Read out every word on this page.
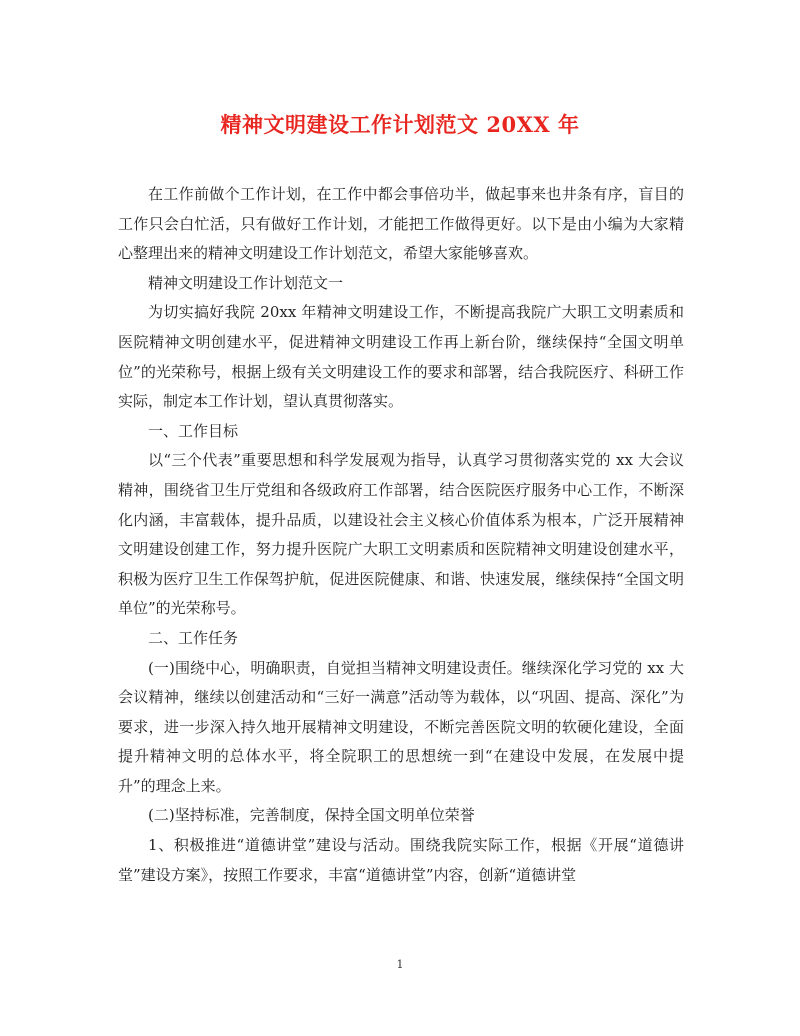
精神文明建设工作计划范文 20XX 年

在工作前做个工作计划，在工作中都会事倍功半，做起事来也井条有序，盲目的工作只会白忙活，只有做好工作计划，才能把工作做得更好。以下是由小编为大家精心整理出来的精神文明建设工作计划范文，希望大家能够喜欢。

精神文明建设工作计划范文一

为切实搞好我院 20xx 年精神文明建设工作，不断提高我院广大职工文明素质和医院精神文明创建水平，促进精神文明建设工作再上新台阶，继续保持“全国文明单位”的光荣称号，根据上级有关文明建设工作的要求和部署，结合我院医疗、科研工作实际，制定本工作计划，望认真贯彻落实。

一、工作目标

以“三个代表”重要思想和科学发展观为指导，认真学习贯彻落实党的 xx 大会议精神，围绕省卫生厅党组和各级政府工作部署，结合医院医疗服务中心工作，不断深化内涵，丰富载体，提升品质，以建设社会主义核心价值体系为根本，广泛开展精神文明建设创建工作，努力提升医院广大职工文明素质和医院精神文明建设创建水平，积极为医疗卫生工作保驾护航，促进医院健康、和谐、快速发展，继续保持“全国文明单位”的光荣称号。

二、工作任务

(一)围绕中心，明确职责，自觉担当精神文明建设责任。继续深化学习党的 xx 大会议精神，继续以创建活动和“三好一满意”活动等为载体，以“巩固、提高、深化”为要求，进一步深入持久地开展精神文明建设，不断完善医院文明的软硬化建设，全面提升精神文明的总体水平，将全院职工的思想统一到“在建设中发展，在发展中提升”的理念上来。

(二)坚持标准，完善制度，保持全国文明单位荣誉

1、积极推进“道德讲堂”建设与活动。围绕我院实际工作，根据《开展“道德讲堂”建设方案》，按照工作要求，丰富“道德讲堂”内容，创新“道德讲堂

1
